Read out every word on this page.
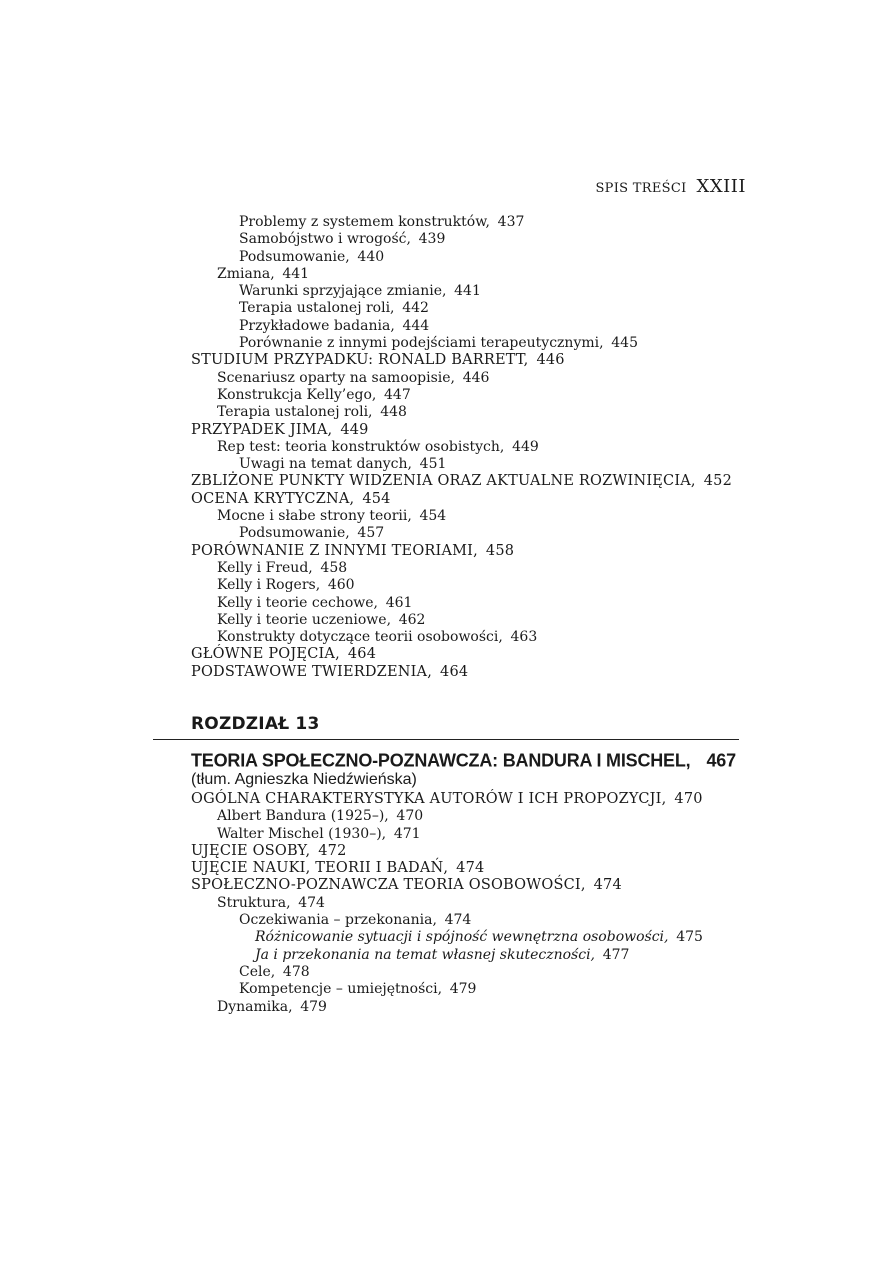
SPIS TREŚCI XXIII
Problemy z systemem konstruktów, 437
Samobójstwo i wrogość, 439
Podsumowanie, 440
Zmiana, 441
Warunki sprzyjające zmianie, 441
Terapia ustalonej roli, 442
Przykładowe badania, 444
Porównanie z innymi podejściami terapeutycznymi, 445
STUDIUM PRZYPADKU: RONALD BARRETT, 446
Scenariusz oparty na samoopisie, 446
Konstrukcja Kelly’ego, 447
Terapia ustalonej roli, 448
PRZYPADEK JIMA, 449
Rep test: teoria konstruktów osobistych, 449
Uwagi na temat danych, 451
ZBLIŻONE PUNKTY WIDZENIA ORAZ AKTUALNE ROZWINIĘCIA, 452
OCENA KRYTYCZNA, 454
Mocne i słabe strony teorii, 454
Podsumowanie, 457
PORÓWNANIE Z INNYMI TEORIAMI, 458
Kelly i Freud, 458
Kelly i Rogers, 460
Kelly i teorie cechowe, 461
Kelly i teorie uczeniowe, 462
Konstrukty dotyczące teorii osobowości, 463
GŁÓWNE POJĘCIA, 464
PODSTAWOWE TWIERDZENIA, 464
ROZDZIAŁ 13
TEORIA SPOŁECZNO-POZNAWCZA: BANDURA I MISCHEL, 467
(tłum. Agnieszka Niedźwieńska)
OGÓLNA CHARAKTERYSTYKA AUTORÓW I ICH PROPOZYCJI, 470
Albert Bandura (1925–), 470
Walter Mischel (1930–), 471
UJĘCIE OSOBY, 472
UJĘCIE NAUKI, TEORII I BADAŃ, 474
SPOŁECZNO-POZNAWCZA TEORIA OSOBOWOŚCI, 474
Struktura, 474
Oczekiwania – przekonania, 474
Różnicowanie sytuacji i spójność wewnętrzna osobowości, 475
Ja i przekonania na temat własnej skuteczności, 477
Cele, 478
Kompetencje – umiejętności, 479
Dynamika, 479
